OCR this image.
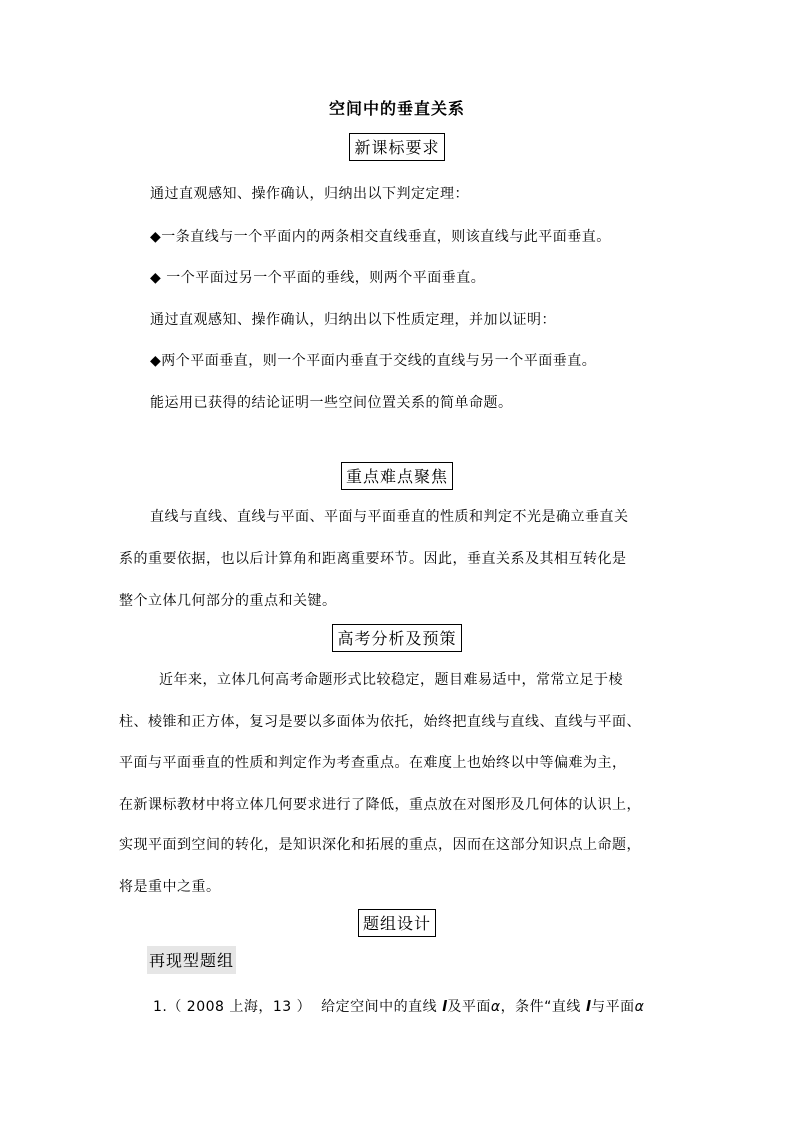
空间中的垂直关系
新课标要求
通过直观感知、操作确认，归纳出以下判定定理：
◆一条直线与一个平面内的两条相交直线垂直，则该直线与此平面垂直。
◆ 一个平面过另一个平面的垂线，则两个平面垂直。
通过直观感知、操作确认，归纳出以下性质定理，并加以证明：
◆两个平面垂直，则一个平面内垂直于交线的直线与另一个平面垂直。
能运用已获得的结论证明一些空间位置关系的简单命题。
重点难点聚焦
直线与直线、直线与平面、平面与平面垂直的性质和判定不光是确立垂直关
系的重要依据，也以后计算角和距离重要环节。因此，垂直关系及其相互转化是
整个立体几何部分的重点和关键。
高考分析及预策
近年来，立体几何高考命题形式比较稳定，题目难易适中，常常立足于棱
柱、棱锥和正方体，复习是要以多面体为依托，始终把直线与直线、直线与平面、
平面与平面垂直的性质和判定作为考查重点。在难度上也始终以中等偏难为主，
在新课标教材中将立体几何要求进行了降低，重点放在对图形及几何体的认识上，
实现平面到空间的转化，是知识深化和拓展的重点，因而在这部分知识点上命题，
将是重中之重。
题组设计
再现型题组
1.（ 2008 上海，13 ） 给定空间中的直线 l及平面α，条件“直线 l与平面α
